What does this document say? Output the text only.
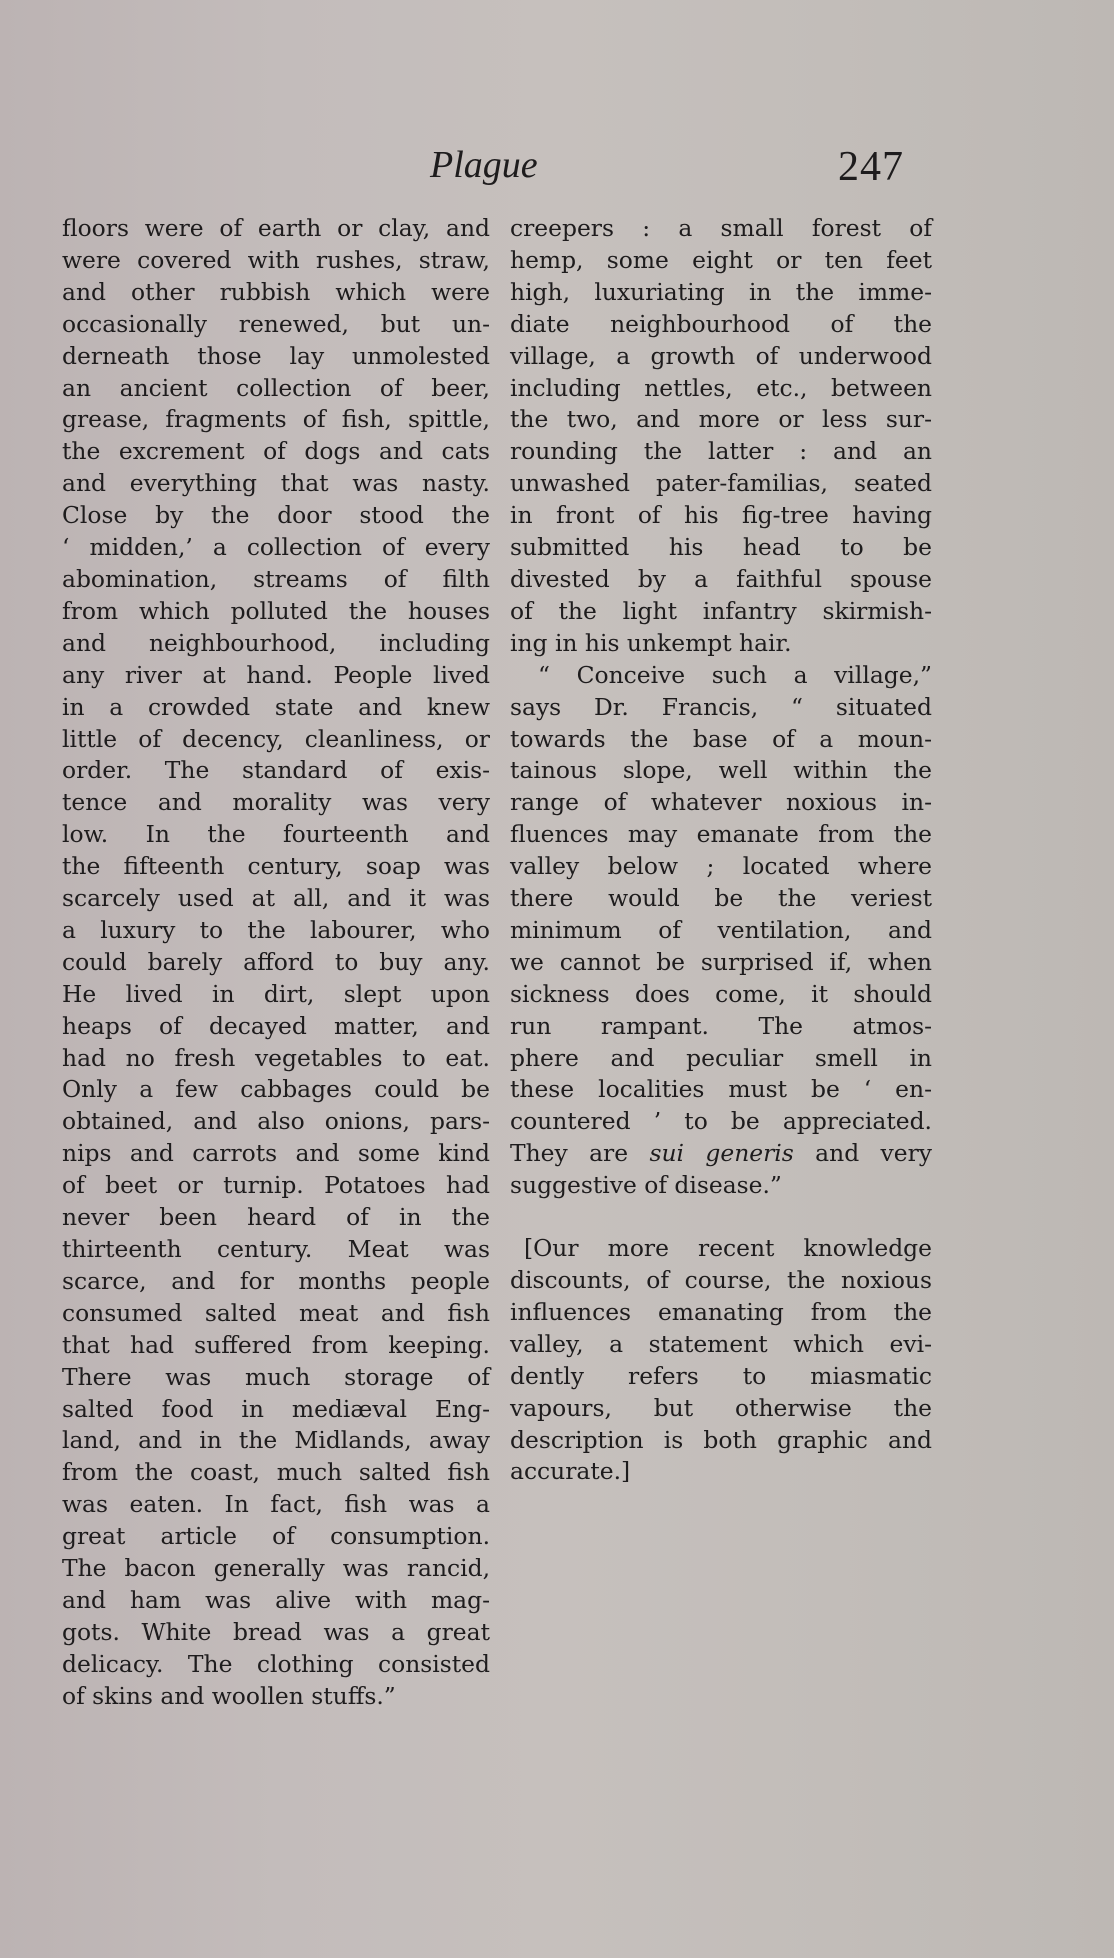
Plague	247
floors were of earth or clay, and
were covered with rushes, straw,
and other rubbish which were
occasionally renewed, but un-
derneath those lay unmolested
an ancient collection of beer,
grease, fragments of fish, spittle,
the excrement of dogs and cats
and everything that was nasty.
Close by the door stood the
‘ midden,’ a collection of every
abomination, streams of filth
from which polluted the houses
and neighbourhood, including
any river at hand. People lived
in a crowded state and knew
little of decency, cleanliness, or
order. The standard of exis-
tence and morality was very
low. In the fourteenth and
the fifteenth century, soap was
scarcely used at all, and it was
a luxury to the labourer, who
could barely afford to buy any.
He lived in dirt, slept upon
heaps of decayed matter, and
had no fresh vegetables to eat.
Only a few cabbages could be
obtained, and also onions, pars-
nips and carrots and some kind
of beet or turnip. Potatoes had
never been heard of in the
thirteenth century. Meat was
scarce, and for months people
consumed salted meat and fish
that had suffered from keeping.
There was much storage of
salted food in mediæval Eng-
land, and in the Midlands, away
from the coast, much salted fish
was eaten. In fact, fish was a
great article of consumption.
The bacon generally was rancid,
and ham was alive with mag-
gots. White bread was a great
delicacy. The clothing consisted
of skins and woollen stuffs.”
creepers : a small forest of
hemp, some eight or ten feet
high, luxuriating in the imme-
diate neighbourhood of the
village, a growth of underwood
including nettles, etc., between
the two, and more or less sur-
rounding the latter : and an
unwashed pater-familias, seated
in front of his fig-tree having
submitted his head to be
divested by a faithful spouse
of the light infantry skirmish-
ing in his unkempt hair.
“ Conceive such a village,”
says Dr. Francis, “ situated
towards the base of a moun-
tainous slope, well within the
range of whatever noxious in-
fluences may emanate from the
valley below ; located where
there would be the veriest
minimum of ventilation, and
we cannot be surprised if, when
sickness does come, it should
run rampant. The atmos-
phere and peculiar smell in
these localities must be ‘ en-
countered ’ to be appreciated.
They are sui generis and very
suggestive of disease.”
[Our more recent knowledge
discounts, of course, the noxious
influences emanating from the
valley, a statement which evi-
dently refers to miasmatic
vapours, but otherwise the
description is both graphic and
accurate.]
